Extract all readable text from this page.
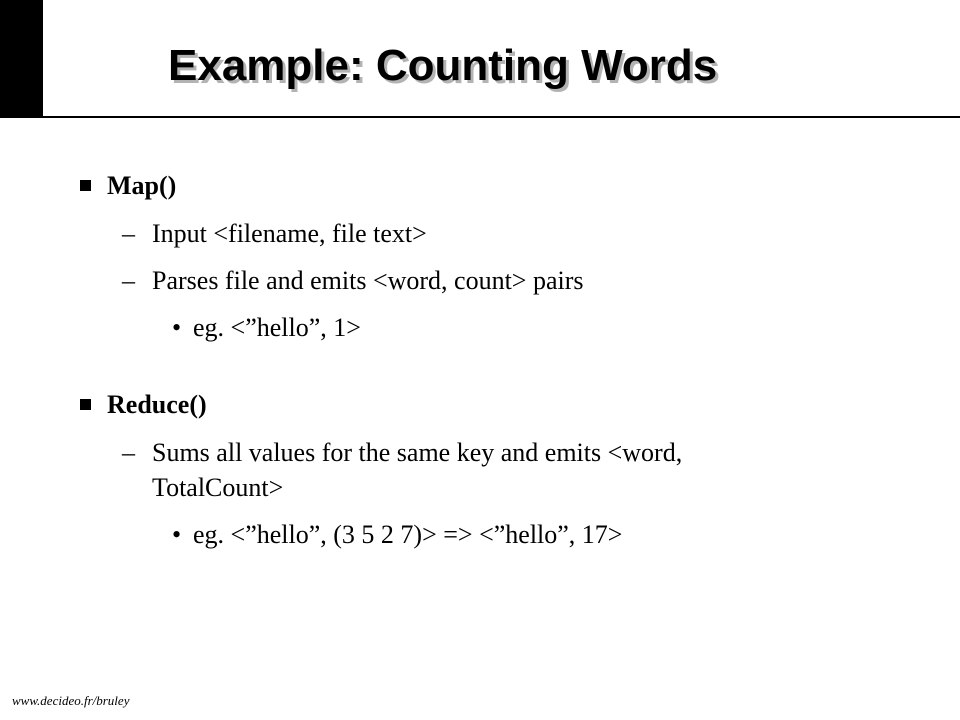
Example: Counting Words

Map()

– Input <filename, file text>

– Parses file and emits <word, count> pairs

• eg. <”hello”, 1>

Reduce()

– Sums all values for the same key and emits <word,

TotalCount>

• eg. <”hello”, (3 5 2 7)> => <”hello”, 17>

www.decideo.fr/bruley
